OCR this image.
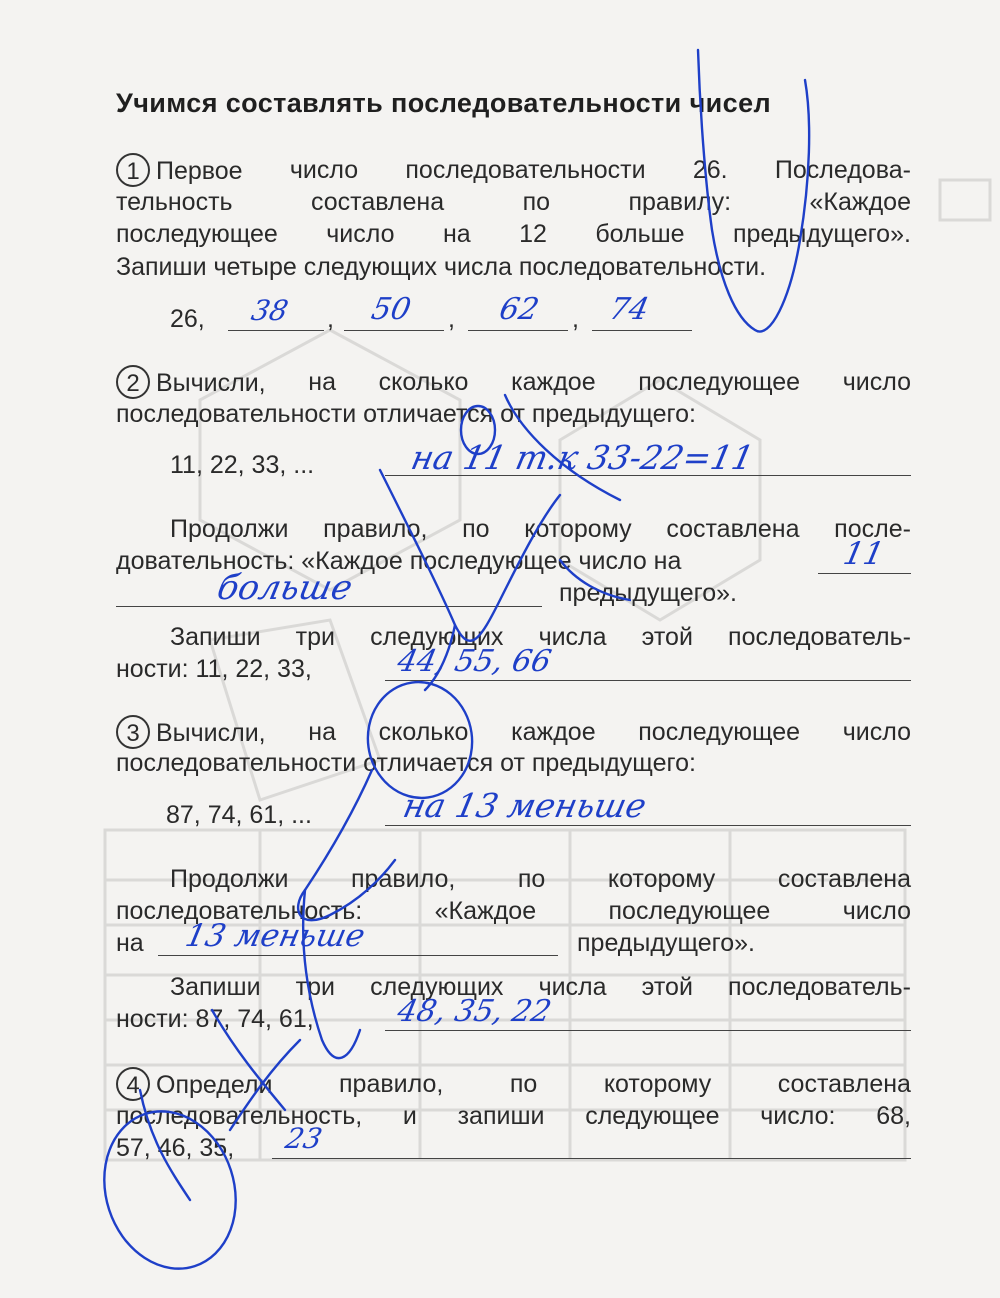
Учимся составлять последовательности чисел
1 Первое число последовательности 26. Последова-
тельность	составлена	по	правилу:	«Каждое
последующее число на 12 больше предыдущего».
Запиши четыре следующих числа последовательности.
26,	,	,	,
38	50	62 74
2 Вычисли, на сколько каждое последующее число
последовательности отличается от предыдущего:
11, 22, 33, ...	на 11 т.к 33-22=11
Продолжи правило, по которому составлена после-
довательность: «Каждое последующее число на	11
больше	предыдущего».
Запиши три следующих числа этой последователь-
ности: 11, 22, 33,	44, 55, 66
3 Вычисли, на сколько каждое последующее число
последовательности отличается от предыдущего:
87, 74, 61, ...	на 13 меньше
Продолжи	правило,	по	которому	составлена
последовательность:	«Каждое	последующее	число
на 13 меньше	предыдущего».
Запиши три следующих числа этой последователь-
ности: 87, 74, 61,	48, 35, 22
4 Определи	правило,	по	которому	составлена
последовательность, и запиши следующее число: 68,
57, 46, 35, 23
